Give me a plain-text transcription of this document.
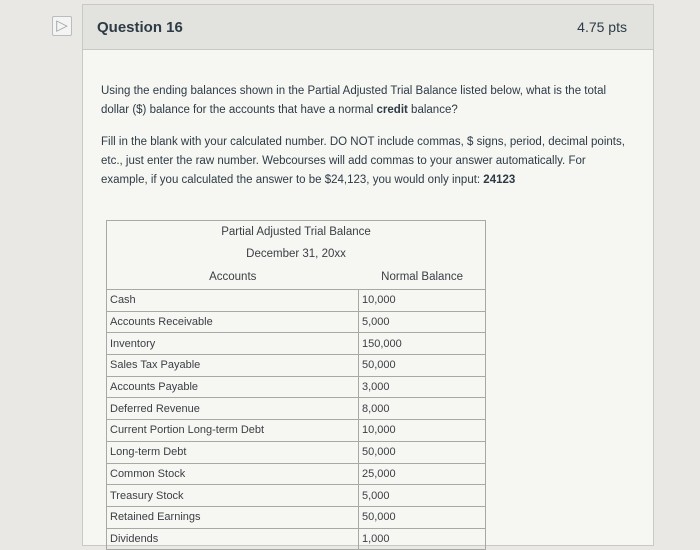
▷ Question 16	4.75 pts

Using the ending balances shown in the Partial Adjusted Trial Balance listed below, what is the total dollar ($) balance for the accounts that have a normal credit balance?

Fill in the blank with your calculated number. DO NOT include commas, $ signs, period, decimal points, etc., just enter the raw number. Webcourses will add commas to your answer automatically. For example, if you calculated the answer to be $24,123, you would only input: 24123

Partial Adjusted Trial Balance	
December 31, 20xx	
Accounts	Normal Balance
Cash	10,000
Accounts Receivable	5,000
Inventory	150,000
Sales Tax Payable	50,000
Accounts Payable	3,000
Deferred Revenue	8,000
Current Portion Long-term Debt	10,000
Long-term Debt	50,000
Common Stock	25,000
Treasury Stock	5,000
Retained Earnings	50,000
Dividends	1,000
